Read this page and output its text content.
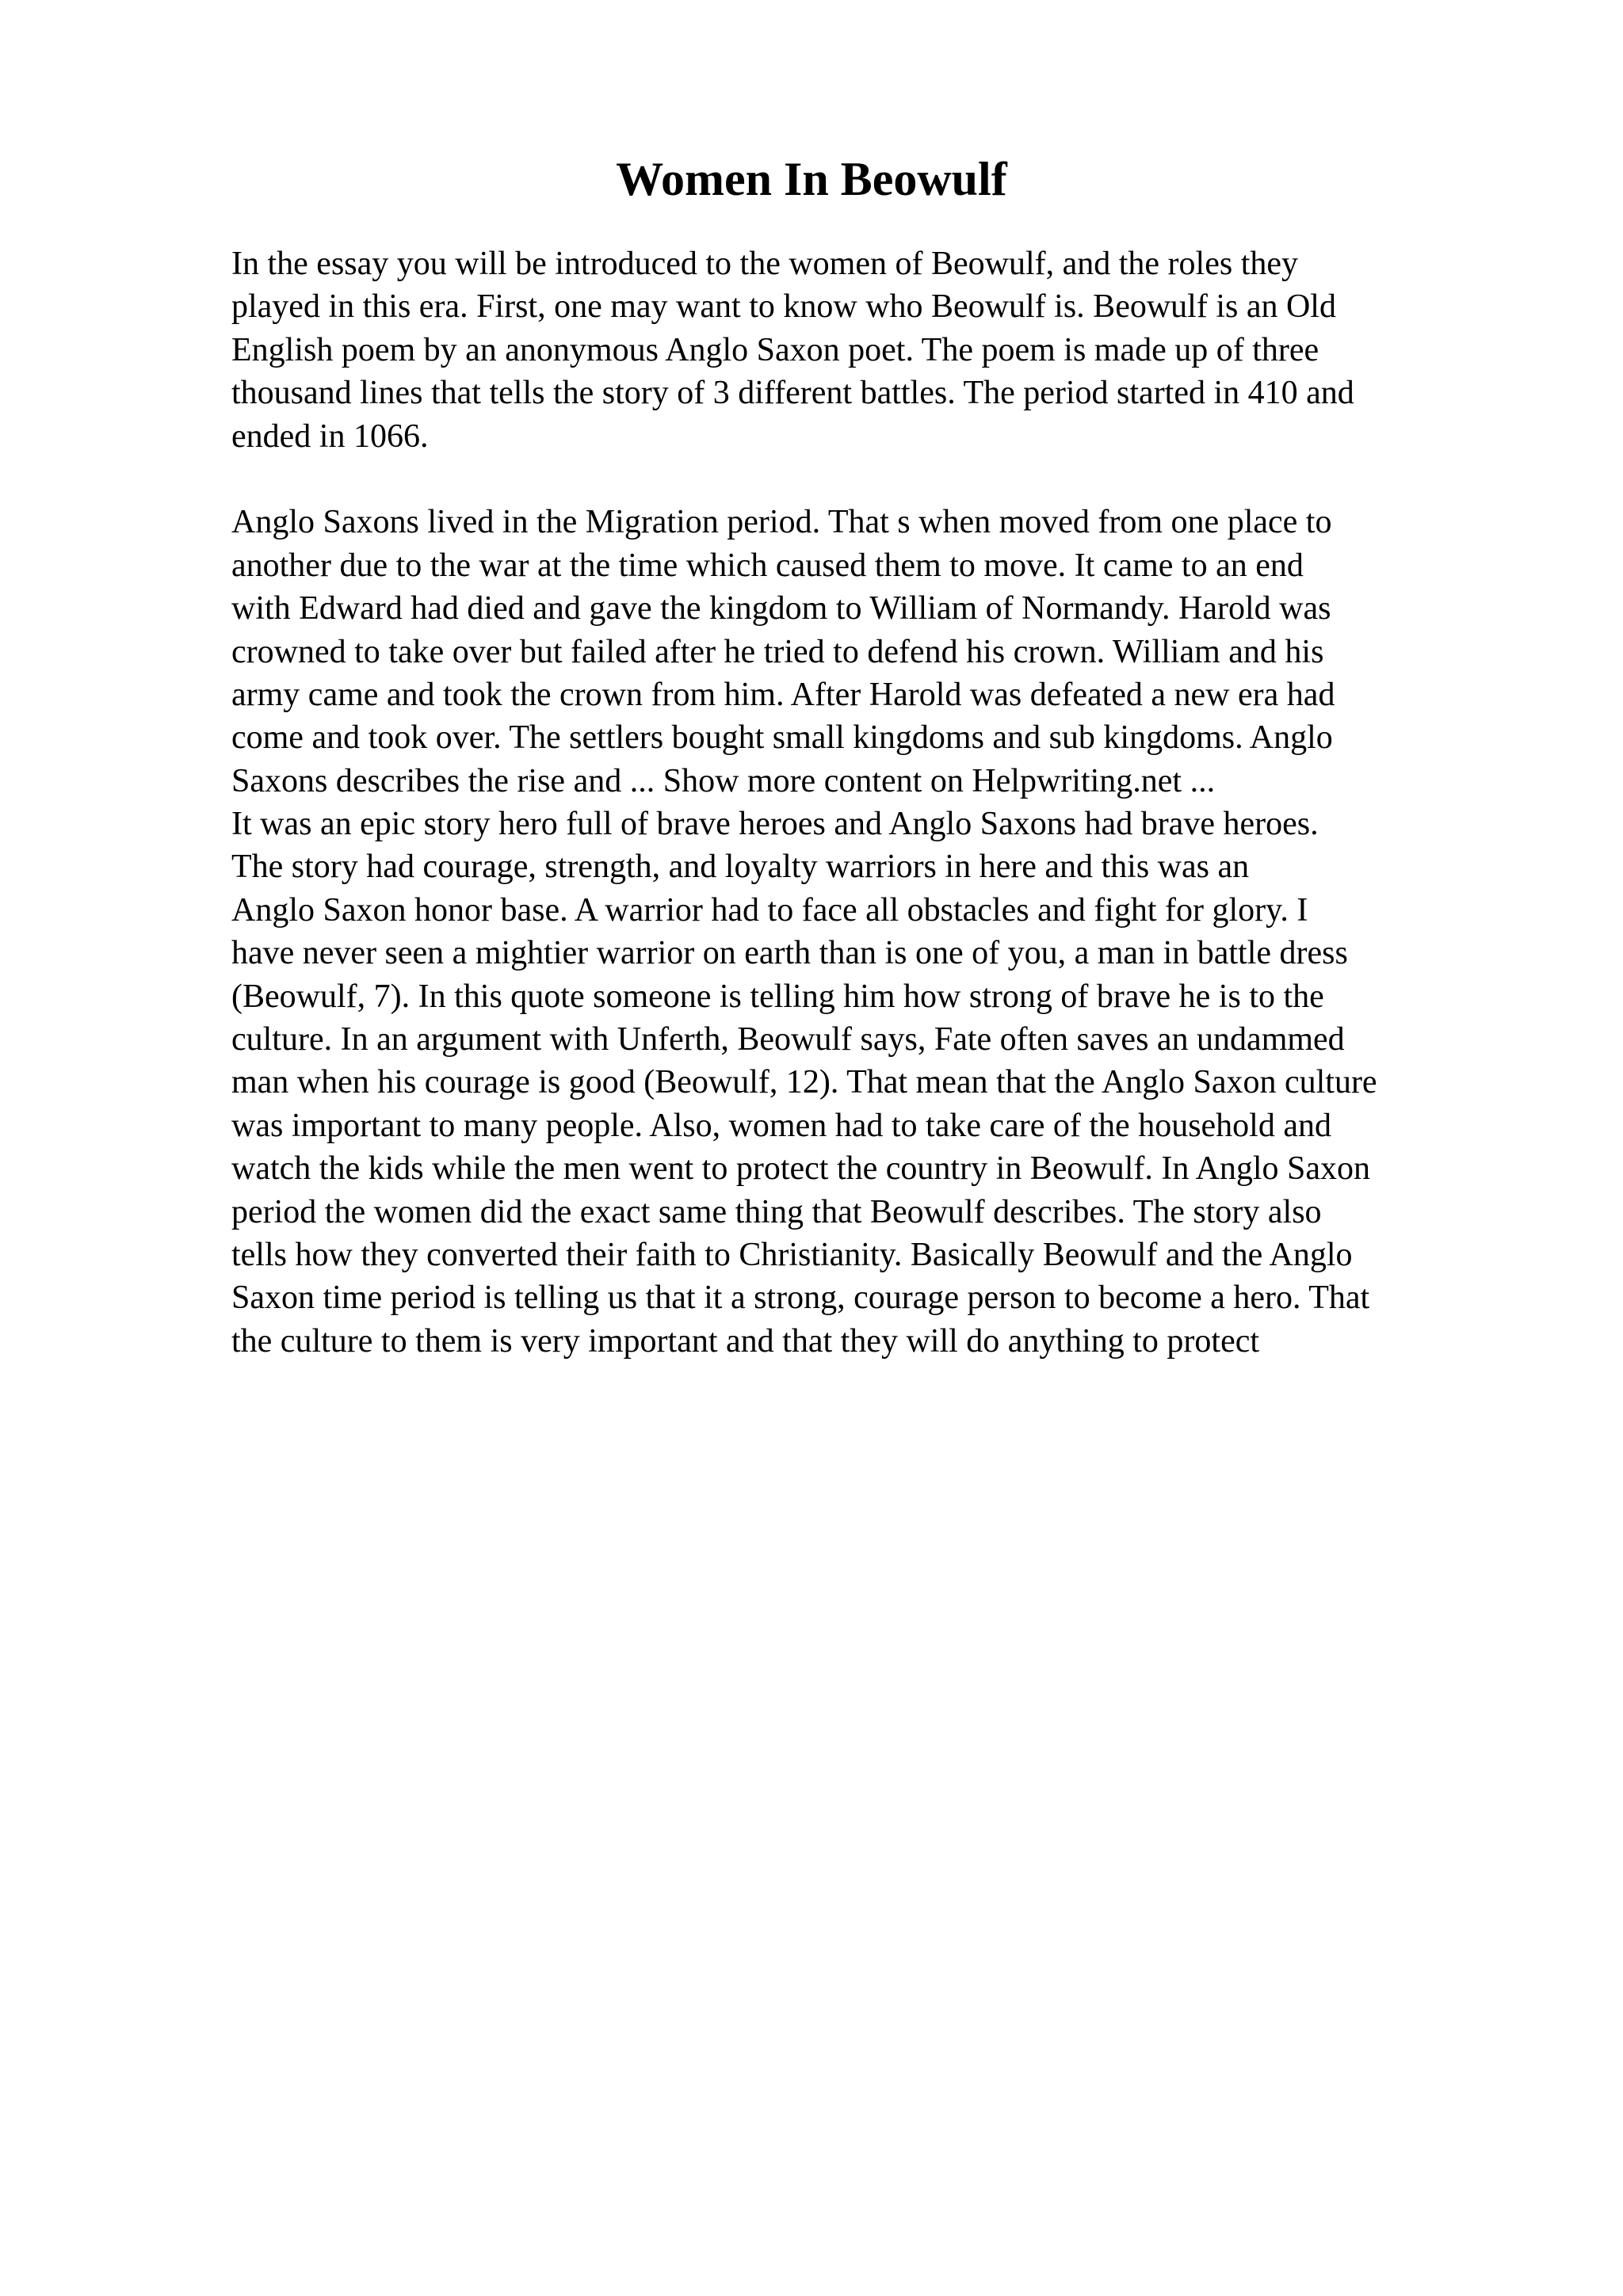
Women In Beowulf
In the essay you will be introduced to the women of Beowulf, and the roles they
played in this era. First, one may want to know who Beowulf is. Beowulf is an Old
English poem by an anonymous Anglo Saxon poet. The poem is made up of three
thousand lines that tells the story of 3 different battles. The period started in 410 and
ended in 1066.
Anglo Saxons lived in the Migration period. That s when moved from one place to
another due to the war at the time which caused them to move. It came to an end
with Edward had died and gave the kingdom to William of Normandy. Harold was
crowned to take over but failed after he tried to defend his crown. William and his
army came and took the crown from him. After Harold was defeated a new era had
come and took over. The settlers bought small kingdoms and sub kingdoms. Anglo
Saxons describes the rise and ... Show more content on Helpwriting.net ...
It was an epic story hero full of brave heroes and Anglo Saxons had brave heroes.
The story had courage, strength, and loyalty warriors in here and this was an
Anglo Saxon honor base. A warrior had to face all obstacles and fight for glory. I
have never seen a mightier warrior on earth than is one of you, a man in battle dress
(Beowulf, 7). In this quote someone is telling him how strong of brave he is to the
culture. In an argument with Unferth, Beowulf says, Fate often saves an undammed
man when his courage is good (Beowulf, 12). That mean that the Anglo Saxon culture
was important to many people. Also, women had to take care of the household and
watch the kids while the men went to protect the country in Beowulf. In Anglo Saxon
period the women did the exact same thing that Beowulf describes. The story also
tells how they converted their faith to Christianity. Basically Beowulf and the Anglo
Saxon time period is telling us that it a strong, courage person to become a hero. That
the culture to them is very important and that they will do anything to protect
